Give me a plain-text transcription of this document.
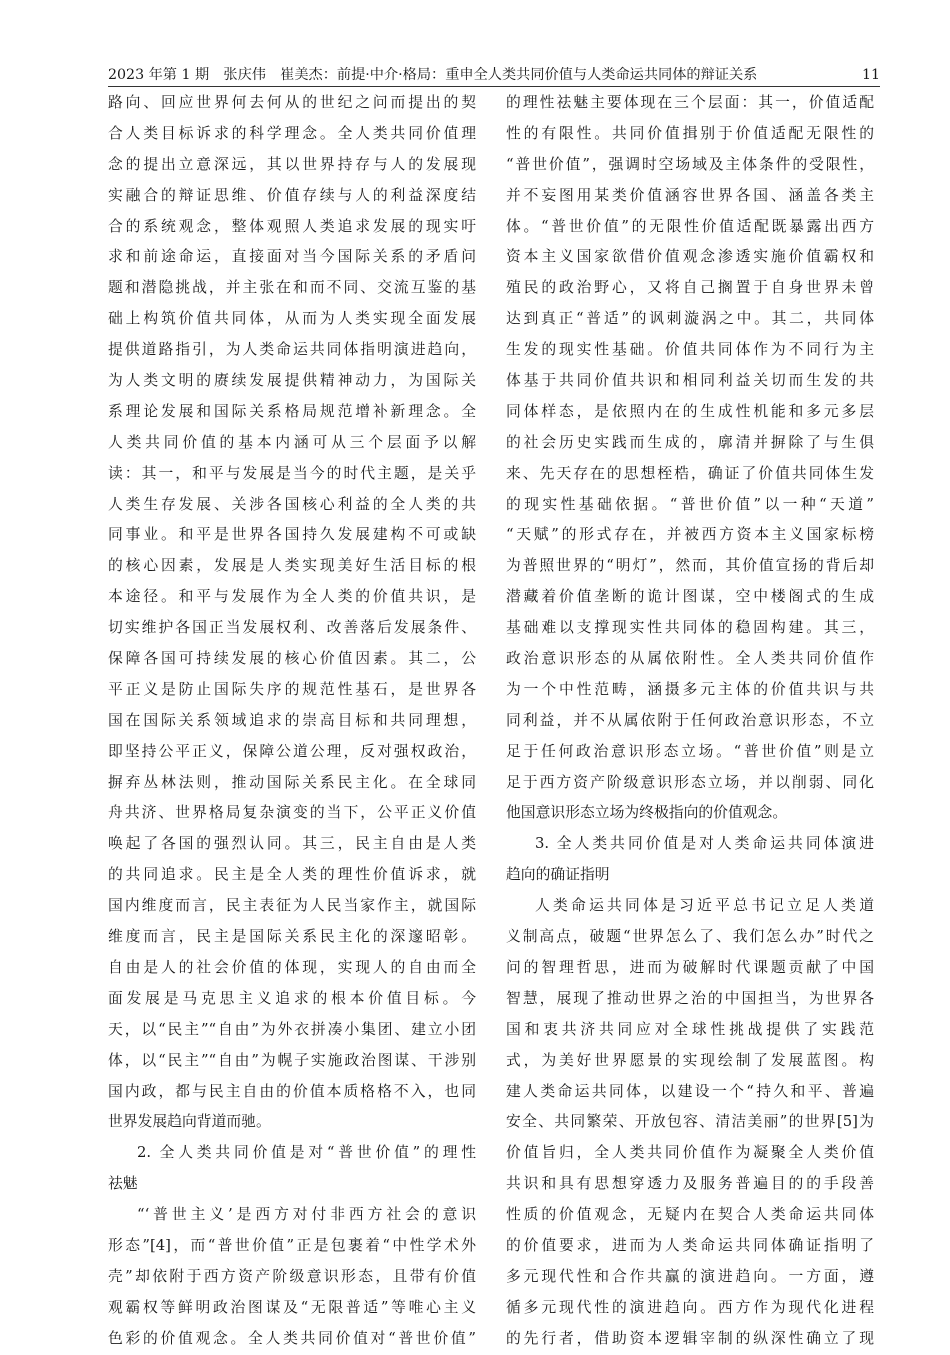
2023 年第 1 期　张庆伟　崔美杰：前提·中介·格局：重申全人类共同价值与人类命运共同体的辩证关系	11
路向、回应世界何去何从的世纪之问而提出的契
合人类目标诉求的科学理念。全人类共同价值理
念的提出立意深远，其以世界持存与人的发展现
实融合的辩证思维、价值存续与人的利益深度结
合的系统观念，整体观照人类追求发展的现实吁
求和前途命运，直接面对当今国际关系的矛盾问
题和潜隐挑战，并主张在和而不同、交流互鉴的基
础上构筑价值共同体，从而为人类实现全面发展
提供道路指引，为人类命运共同体指明演进趋向，
为人类文明的赓续发展提供精神动力，为国际关
系理论发展和国际关系格局规范增补新理念。全
人类共同价值的基本内涵可从三个层面予以解
读：其一，和平与发展是当今的时代主题，是关乎
人类生存发展、关涉各国核心利益的全人类的共
同事业。和平是世界各国持久发展建构不可或缺
的核心因素，发展是人类实现美好生活目标的根
本途径。和平与发展作为全人类的价值共识，是
切实维护各国正当发展权利、改善落后发展条件、
保障各国可持续发展的核心价值因素。其二，公
平正义是防止国际失序的规范性基石，是世界各
国在国际关系领域追求的崇高目标和共同理想，
即坚持公平正义，保障公道公理，反对强权政治，
摒弃丛林法则，推动国际关系民主化。在全球同
舟共济、世界格局复杂演变的当下，公平正义价值
唤起了各国的强烈认同。其三，民主自由是人类
的共同追求。民主是全人类的理性价值诉求，就
国内维度而言，民主表征为人民当家作主，就国际
维度而言，民主是国际关系民主化的深邃昭彰。
自由是人的社会价值的体现，实现人的自由而全
面发展是马克思主义追求的根本价值目标。今
天，以“民主”“自由”为外衣拼凑小集团、建立小团
体，以“民主”“自由”为幌子实施政治图谋、干涉别
国内政，都与民主自由的价值本质格格不入，也同
世界发展趋向背道而驰。
2. 全人类共同价值是对“普世价值”的理性
祛魅
“‘普世主义’是西方对付非西方社会的意识
形态”[4]，而“普世价值”正是包裹着“中性学术外
壳”却依附于西方资产阶级意识形态，且带有价值
观霸权等鲜明政治图谋及“无限普适”等唯心主义
色彩的价值观念。全人类共同价值对“普世价值”
的理性祛魅主要体现在三个层面：其一，价值适配
性的有限性。共同价值揖别于价值适配无限性的
“普世价值”，强调时空场域及主体条件的受限性，
并不妄图用某类价值涵容世界各国、涵盖各类主
体。“普世价值”的无限性价值适配既暴露出西方
资本主义国家欲借价值观念渗透实施价值霸权和
殖民的政治野心，又将自己搁置于自身世界未曾
达到真正“普适”的讽刺漩涡之中。其二，共同体
生发的现实性基础。价值共同体作为不同行为主
体基于共同价值共识和相同利益关切而生发的共
同体样态，是依照内在的生成性机能和多元多层
的社会历史实践而生成的，廓清并摒除了与生俱
来、先天存在的思想桎梏，确证了价值共同体生发
的现实性基础依据。“普世价值”以一种“天道”
“天赋”的形式存在，并被西方资本主义国家标榜
为普照世界的“明灯”，然而，其价值宣扬的背后却
潜藏着价值垄断的诡计图谋，空中楼阁式的生成
基础难以支撑现实性共同体的稳固构建。其三，
政治意识形态的从属依附性。全人类共同价值作
为一个中性范畴，涵摄多元主体的价值共识与共
同利益，并不从属依附于任何政治意识形态，不立
足于任何政治意识形态立场。“普世价值”则是立
足于西方资产阶级意识形态立场，并以削弱、同化
他国意识形态立场为终极指向的价值观念。
3. 全人类共同价值是对人类命运共同体演进
趋向的确证指明
人类命运共同体是习近平总书记立足人类道
义制高点，破题“世界怎么了、我们怎么办”时代之
问的智理哲思，进而为破解时代课题贡献了中国
智慧，展现了推动世界之治的中国担当，为世界各
国和衷共济共同应对全球性挑战提供了实践范
式，为美好世界愿景的实现绘制了发展蓝图。构
建人类命运共同体，以建设一个“持久和平、普遍
安全、共同繁荣、开放包容、清洁美丽”的世界[5]为
价值旨归，全人类共同价值作为凝聚全人类价值
共识和具有思想穿透力及服务普遍目的的手段善
性质的价值观念，无疑内在契合人类命运共同体
的价值要求，进而为人类命运共同体确证指明了
多元现代性和合作共赢的演进趋向。一方面，遵
循多元现代性的演进趋向。西方作为现代化进程
的先行者，借助资本逻辑宰制的纵深性确立了现
